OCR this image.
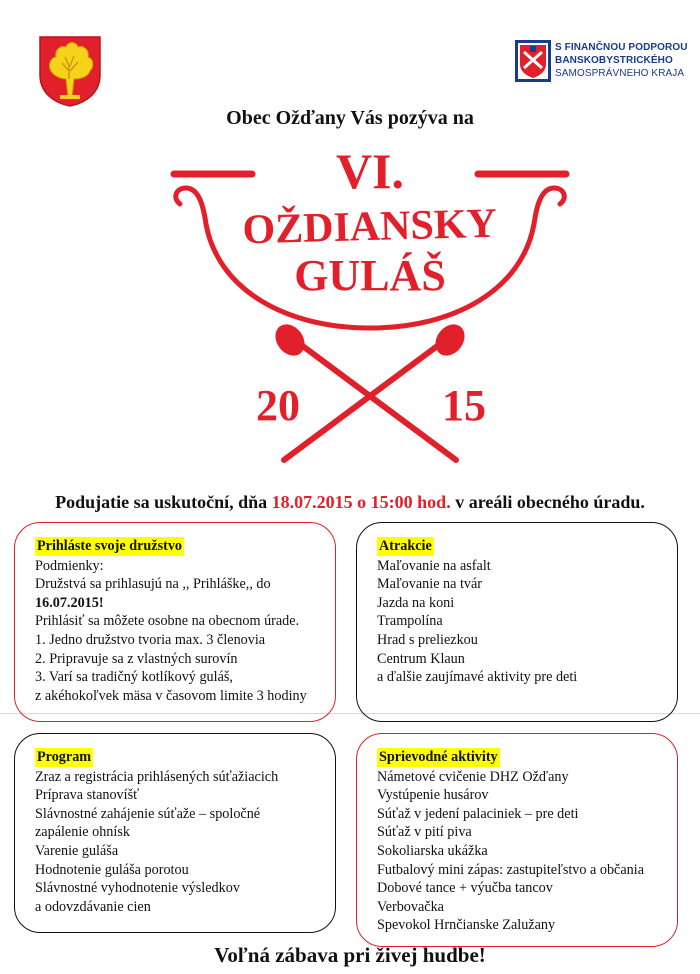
S FINANČNOU PODPOROU
BANSKOBYSTRICKÉHO
SAMOSPRÁVNEHO KRAJA
Obec Ožďany Vás pozýva na
VI.
OŽDIANSKY
GULÁŠ
20	15
Podujatie sa uskutoční, dňa 18.07.2015 o 15:00 hod. v areáli obecného úradu.
Prihláste svoje družstvo
Podmienky:
Družstvá sa prihlasujú na ,, Prihláške,, do
16.07.2015!
Prihlásiť sa môžete osobne na obecnom úrade.
1. Jedno družstvo tvoria max. 3 členovia
2. Pripravuje sa z vlastných surovín
3. Varí sa tradičný kotlíkový guláš,
z akéhokoľvek mäsa v časovom limite 3 hodiny
Atrakcie
Maľovanie na asfalt
Maľovanie na tvár
Jazda na koni
Trampolína
Hrad s preliezkou
Centrum Klaun
a ďalšie zaujímavé aktivity pre deti
Program
Zraz a registrácia prihlásených súťažiacich
Príprava stanovíšť
Slávnostné zahájenie súťaže – spoločné
zapálenie ohnísk
Varenie guláša
Hodnotenie guláša porotou
Slávnostné vyhodnotenie výsledkov
a odovzdávanie cien
Sprievodné aktivity
Námetové cvičenie DHZ Ožďany
Vystúpenie husárov
Súťaž v jedení palaciniek – pre deti
Súťaž v pití piva
Sokoliarska ukážka
Futbalový mini zápas: zastupiteľstvo a občania
Dobové tance + výučba tancov
Verbovačka
Spevokol Hrnčianske Zalužany
Voľná zábava pri živej hudbe!
